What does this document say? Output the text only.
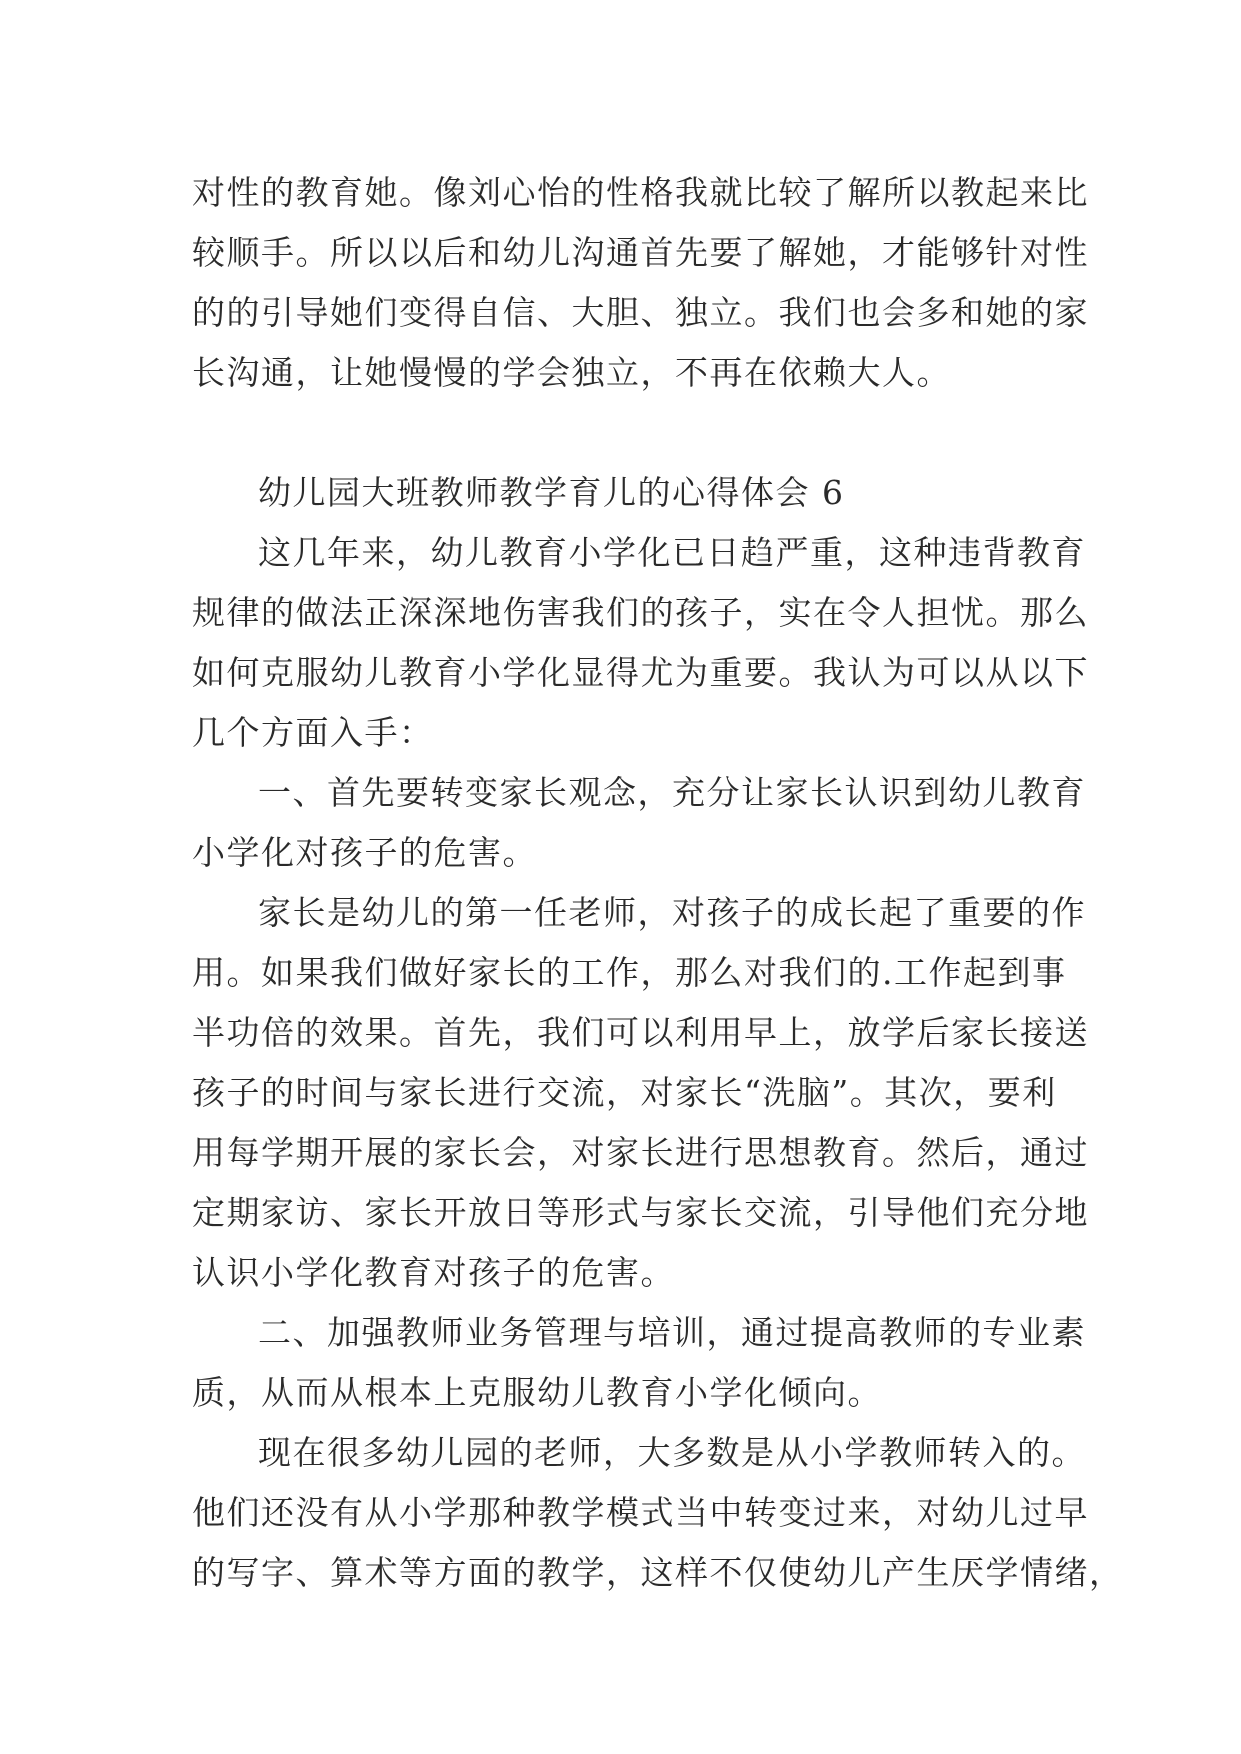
对性的教育她。像刘心怡的性格我就比较了解所以教起来比
较顺手。所以以后和幼儿沟通首先要了解她，才能够针对性
的的引导她们变得自信、大胆、独立。我们也会多和她的家
长沟通，让她慢慢的学会独立，不再在依赖大人。
幼儿园大班教师教学育儿的心得体会 6
这几年来，幼儿教育小学化已日趋严重，这种违背教育
规律的做法正深深地伤害我们的孩子，实在令人担忧。那么
如何克服幼儿教育小学化显得尤为重要。我认为可以从以下
几个方面入手：
一、首先要转变家长观念，充分让家长认识到幼儿教育
小学化对孩子的危害。
家长是幼儿的第一任老师，对孩子的成长起了重要的作
用。如果我们做好家长的工作，那么对我们的.工作起到事
半功倍的效果。首先，我们可以利用早上，放学后家长接送
孩子的时间与家长进行交流，对家长“洗脑”。其次，要利
用每学期开展的家长会，对家长进行思想教育。然后，通过
定期家访、家长开放日等形式与家长交流，引导他们充分地
认识小学化教育对孩子的危害。
二、加强教师业务管理与培训，通过提高教师的专业素
质，从而从根本上克服幼儿教育小学化倾向。
现在很多幼儿园的老师，大多数是从小学教师转入的。
他们还没有从小学那种教学模式当中转变过来，对幼儿过早
的写字、算术等方面的教学，这样不仅使幼儿产生厌学情绪，
